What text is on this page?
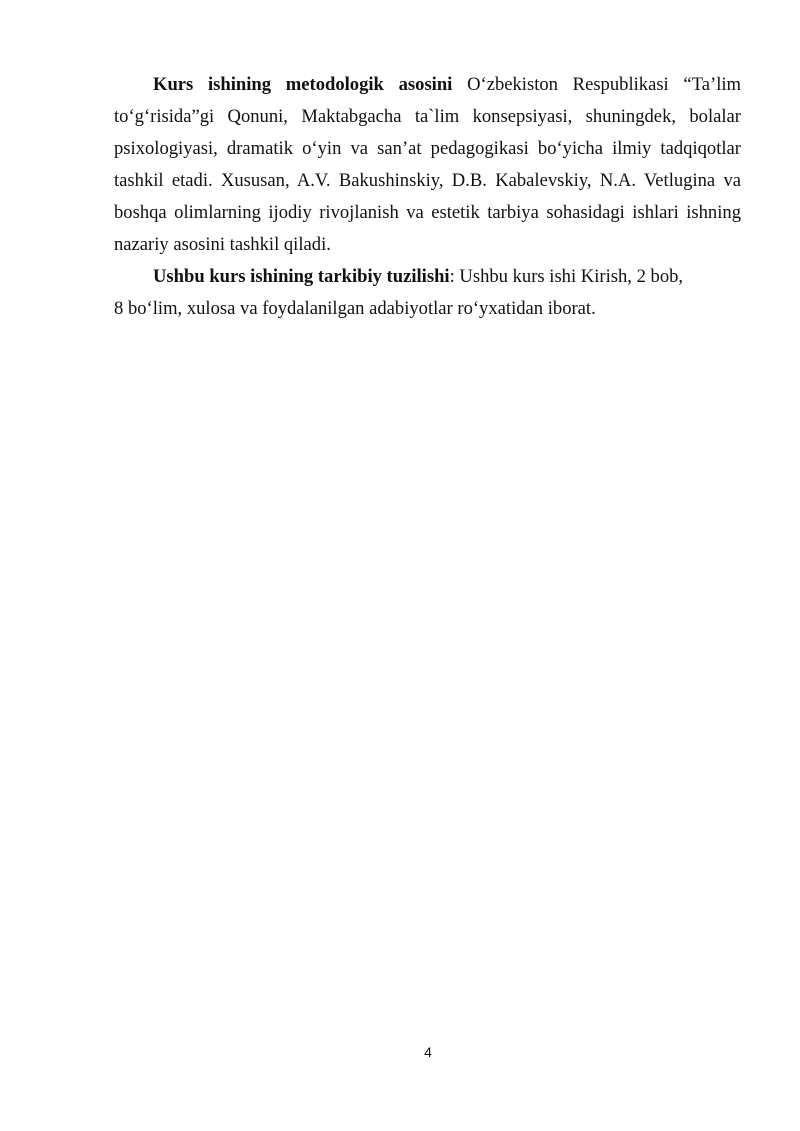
Kurs ishining metodologik asosini O‘zbekiston Respublikasi “Ta’lim to‘g‘risida”gi Qonuni, Maktabgacha ta`lim konsepsiyasi, shuningdek, bolalar psixologiyasi, dramatik o‘yin va san’at pedagogikasi bo‘yicha ilmiy tadqiqotlar tashkil etadi. Xususan, A.V. Bakushinskiy, D.B. Kabalevskiy, N.A. Vetlugina va boshqa olimlarning ijodiy rivojlanish va estetik tarbiya sohasidagi ishlari ishning nazariy asosini tashkil qiladi.

Ushbu kurs ishining tarkibiy tuzilishi: Ushbu kurs ishi Kirish, 2 bob,
8 bo‘lim, xulosa va foydalanilgan adabiyotlar ro‘yxatidan iborat.

4
